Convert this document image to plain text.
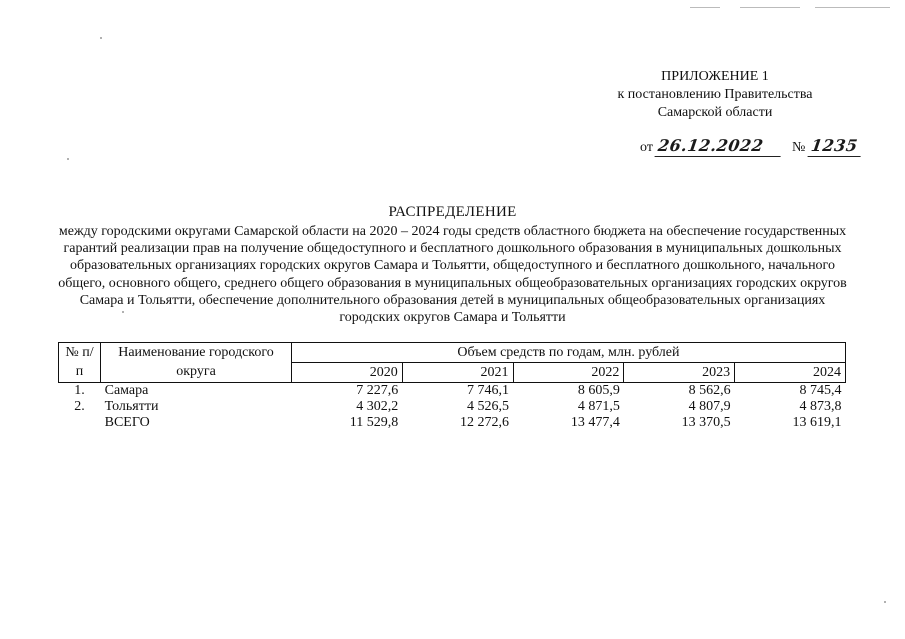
ПРИЛОЖЕНИЕ 1
к постановлению Правительства
Самарской области
от 26.12.2022 № 1235
РАСПРЕДЕЛЕНИЕ
между городскими округами Самарской области на 2020 – 2024 годы средств областного бюджета на обеспечение государственных гарантий реализации прав на получение общедоступного и бесплатного дошкольного образования в муниципальных дошкольных образовательных организациях городских округов Самара и Тольятти, общедоступного и бесплатного дошкольного, начального общего, основного общего, среднего общего образования в муниципальных общеобразовательных организациях городских округов Самара и Тольятти, обеспечение дополнительного образования детей в муниципальных общеобразовательных организациях городских округов Самара и Тольятти
№ п/п	Наименование городского округа	Объем средств по годам, млн. рублей				
		2020	2021	2022	2023	2024
1.	Самара	7 227,6	7 746,1	8 605,9	8 562,6	8 745,4
2.	Тольятти	4 302,2	4 526,5	4 871,5	4 807,9	4 873,8
	ВСЕГО	11 529,8	12 272,6	13 477,4	13 370,5	13 619,1
